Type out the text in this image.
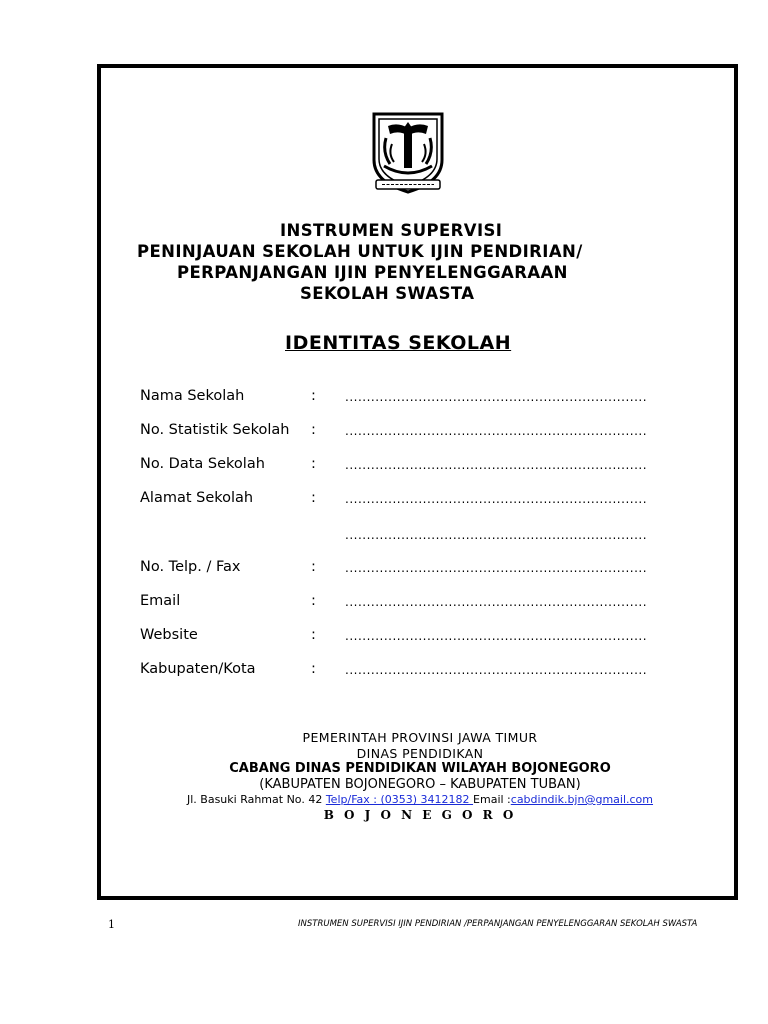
INSTRUMEN SUPERVISI
PENINJAUAN SEKOLAH UNTUK IJIN PENDIRIAN/
PERPANJANGAN IJIN PENYELENGGARAAN
SEKOLAH SWASTA
IDENTITAS SEKOLAH
Nama Sekolah	: ......................................................................
No. Statistik Sekolah : ......................................................................
No. Data Sekolah	: ......................................................................
Alamat Sekolah	: ......................................................................
......................................................................
No. Telp. / Fax	: ......................................................................
Email	: ......................................................................
Website	: ......................................................................
Kabupaten/Kota	: ......................................................................
PEMERINTAH PROVINSI JAWA TIMUR
DINAS PENDIDIKAN
CABANG DINAS PENDIDIKAN WILAYAH BOJONEGORO
(KABUPATEN BOJONEGORO – KABUPATEN TUBAN)
Jl. Basuki Rahmat No. 42 Telp/Fax : (0353) 3412182 Email :cabdindik.bjn@gmail.com
B O J O N E G O R O
1	INSTRUMEN SUPERVISI IJIN PENDIRIAN /PERPANJANGAN PENYELENGGARAN SEKOLAH SWASTA
